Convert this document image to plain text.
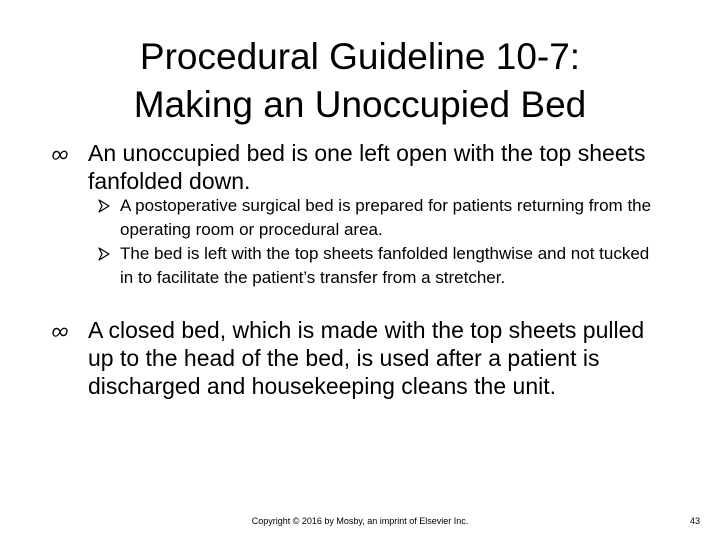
Procedural Guideline 10-7:
Making an Unoccupied Bed
An unoccupied bed is one left open with the top sheets fanfolded down.
A postoperative surgical bed is prepared for patients returning from the operating room or procedural area.
The bed is left with the top sheets fanfolded lengthwise and not tucked in to facilitate the patient’s transfer from a stretcher.
A closed bed, which is made with the top sheets pulled up to the head of the bed, is used after a patient is discharged and housekeeping cleans the unit.
Copyright © 2016 by Mosby, an imprint of Elsevier Inc.	43
